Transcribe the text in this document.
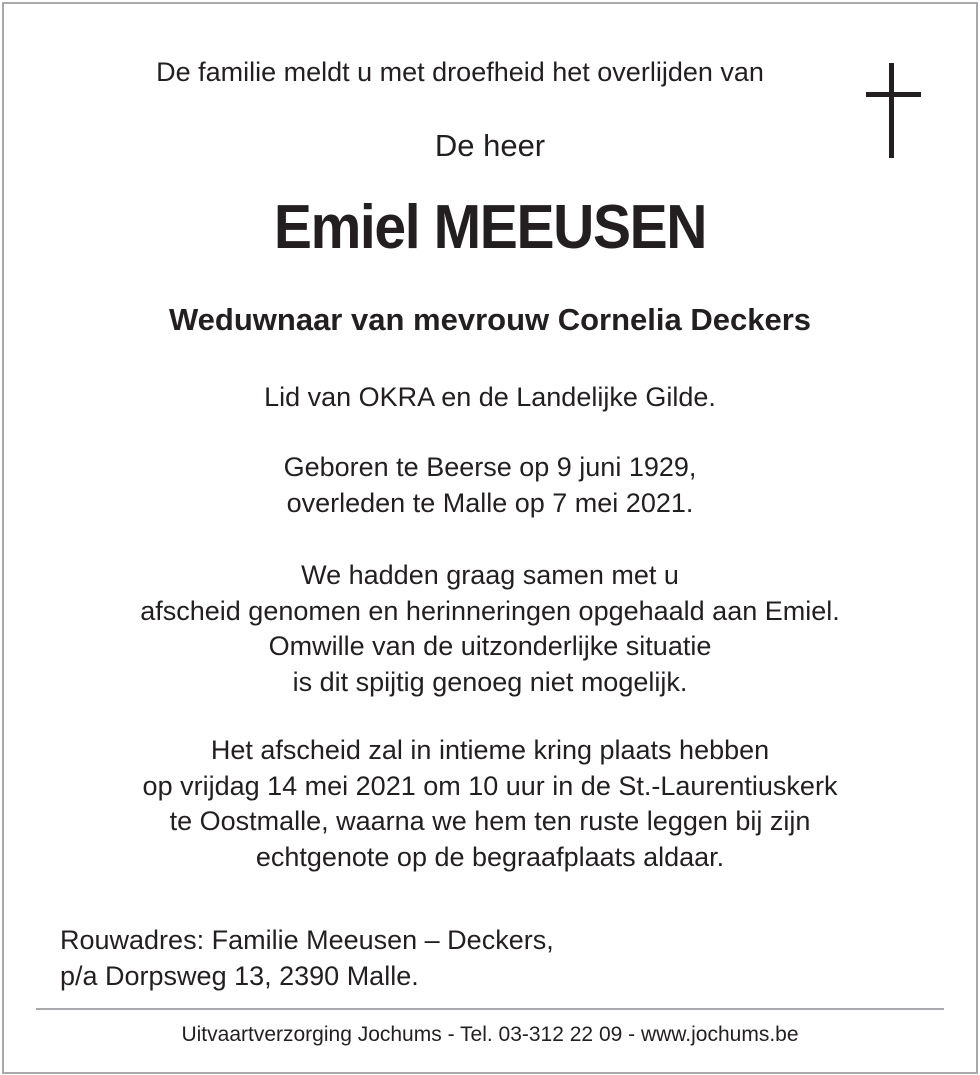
De familie meldt u met droefheid het overlijden van
De heer
Emiel MEEUSEN
Weduwnaar van mevrouw Cornelia Deckers
Lid van OKRA en de Landelijke Gilde.
Geboren te Beerse op 9 juni 1929,
overleden te Malle op 7 mei 2021.
We hadden graag samen met u
afscheid genomen en herinneringen opgehaald aan Emiel.
Omwille van de uitzonderlijke situatie
is dit spijtig genoeg niet mogelijk.
Het afscheid zal in intieme kring plaats hebben
op vrijdag 14 mei 2021 om 10 uur in de St.-Laurentiuskerk
te Oostmalle, waarna we hem ten ruste leggen bij zijn
echtgenote op de begraafplaats aldaar.
Rouwadres: Familie Meeusen – Deckers,
p/a Dorpsweg 13, 2390 Malle.
Uitvaartverzorging Jochums - Tel. 03-312 22 09 - www.jochums.be
